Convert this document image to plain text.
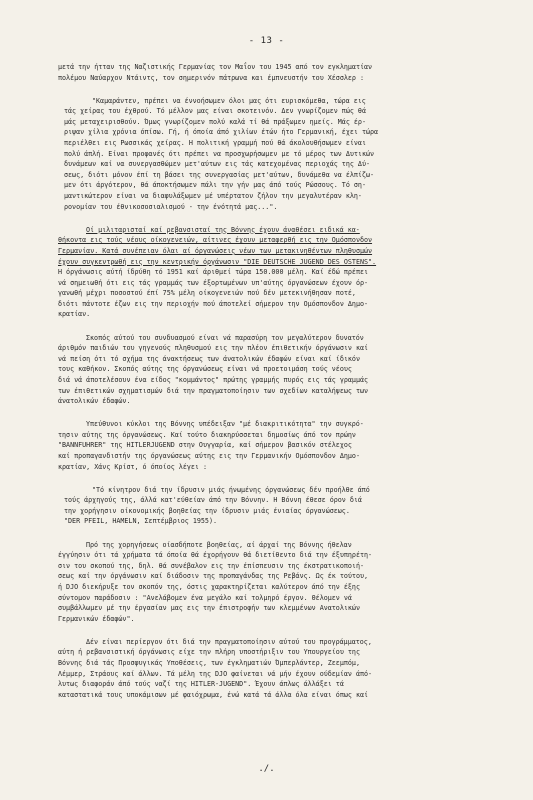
- 13 -

μετά την ήτταν της Ναζιστικής Γερμανίας τον Μαΐον του 1945 από τον εγκληματίαν
πολέμου Ναύαρχον Ντάιντς, τον σημερινόν πάτρωνα και έμπνευστήν του Χέσσλερ :

"Καμαράντεν, πρέπει να έννοήσωμεν όλοι μας ότι ευρισκόμεθα, τώρα εις
τάς χείρας του έχθρού. Τό μέλλον μας είναι σκοτεινόν. Δεν γνωρίζομεν πώς θά
μάς μεταχειρισθούν. Όμως γνωρίζομεν πολύ καλά τί θά πράξωμεν ημείς. Μάς έρ-
ριψαν χίλια χρόνια όπίσω. Γή, ή όποία άπό χιλίων έτών ήτο Γερμανική, έχει τώρα
περιέλθει εις Ρωσσικάς χείρας. Η πολιτική γραμμή πού θά άκολουθήσωμεν είναι
πολύ άπλή. Είναι προφανές ότι πρέπει να προσχωρήσωμεν με τό μέρος των Δυτικών
δυνάμεων καί να συνεργασθώμεν μετ'αύτων εις τάς κατεχομένας περιοχάς της Δύ-
σεως, διότι μόνον έπί τη βάσει της συνεργασίας μετ'αύτων, δυνάμεθα να έλπίζω-
μεν ότι άργότερον, θά άποκτήσωμεν πάλι την γήν μας άπό τούς Ρώσσους. Τό ση-
μαντικώτερον είναι να διαφυλάξωμεν μέ υπέρτατον ζήλον την μεγαλυτέραν κλη-
ρονομίαν του έθνικοσοσιαλισμού - την ένότητά μας...".

Οί μιλιταρισταί καί ρεβανσισταί της Βόννης έχουν άναθέσει ειδικά κα-
θήκοντα εις τούς νέους οίκογενειών, αίτινες έχουν μεταφερθή εις την Ομόσπονδον

Γερμανίαν. Κατά συνέπειαν όλαι αί όργανώσεις νέων των μετακινηθέντων πληθυσμών
έχουν συγκεντρωθή εις την κεντρικήν όργάνωσιν "DIE DEUTSCHE JUGEND DES OSTENS".

Η όργάνωσις αύτή ίδρύθη τό 1951 καί άριθμεί τώρα 150.000 μέλη. Καί έδώ πρέπει
νά σημειωθή ότι εις τάς γραμμάς των έξορτωμένων υπ'αύτης όργανώσεων έχουν όρ-
γανωθή μέχρι ποσοστού έπί 75% μέλη οίκογενειών πού δέν μετεκινήθησαν ποτέ,
διότι πάντοτε έζων εις την περιοχήν πού άποτελεί σήμερον την Ομόσπονδον Δημο-
κρατίαν.

Σκοπός αύτού του συνδυασμού είναι νά παρασύρη τον μεγαλύτερον δυνατόν
άριθμόν παιδιών του γηγενούς πληθυσμού εις την πλέον έπιθετικήν όργάνωσιν καί
νά πείση ότι τό σχήμα της άνακτήσεως των άνατολικών έδαφών είναι καί ίδικόν
τους καθήκον. Σκοπός αύτης της όργανώσεως είναι νά προετοιμάση τούς νέους
διά νά άποτελέσουν ένα είδος "κομμάντος" πρώτης γραμμής πυρός εις τάς γραμμάς
των έπιθετικών σχηματισμών διά την πραγματοποίησιν των σχεδίων καταλήψεως των
άνατολικών έδαφών.

Υπεύθυνοι κύκλοι της Βόννης υπέδειξαν "μέ διακριτικότητα" την συγκρό-
τησιν αύτης της όργανώσεως. Καί τούτο διακηρύσσεται δημοσίως άπό τον πρώην
"BANNFUHRER" της HITLERJUGEND στην Ουγγαρία, καί σήμερον βασικόν στέλεχος
καί προπαγανδιστήν της όργανώσεως αύτης εις την Γερμανικήν Ομόσπονδον Δημο-
κρατίαν, Χάνς Κρίστ, ό όποίος λέγει :

"Τό κίνητρον διά την ίδρυσιν μιάς ήνωμένης όργανώσεως δέν προήλθε άπό
τούς άρχηγούς της, άλλά κατ'εύθείαν άπό την Βόννην. Η Βόννη έθεσε όρον διά
την χορήγησιν οίκονομικής βοηθείας την ίδρυσιν μιάς ένιαίας όργανώσεως.
"DER PFEIL, HAMELN, Σεπτέμβριος 1955).

Πρό της χορηγήσεως οίασδήποτε βοηθείας, αί άρχαί της Βόννης ήθελαν
έγγύησιν ότι τά χρήματα τά όποία θά έχορήγουν θά διετίθεντο διά την έξυπηρέτη-
σιν του σκοπού της, δηλ. θά συνέβαλον εις την έπίσπευσιν της έκστρατικοποιή-
σεως καί την όργάνωσιν καί διάδοσιν της προπαγάνδας της Ρεβάνς. Ως έκ τούτου,
ή DJO διεκήρυξε τον σκοπόν της, όστις χαρακτηρίζεται καλύτερον άπό την έξης
σύντομον παράδοσιν : "Ανελάβομεν ένα μεγάλο καί τολμηρό έργον. Θέλομεν νά
συμβάλλωμεν μέ την έργασίαν μας εις την έπιστροφήν των κλεμμένων Ανατολικών
Γερμανικών έδαφών".

Δέν είναι περίεργον ότι διά την πραγματοποίησιν αύτού του προγράμματος,
αύτη ή ρεβανσιστική όργάνωσις είχε την πλήρη υποστήριξιν του Υπουργείου της
Βόννης διά τάς Προσφυγικάς Υποθέσεις, των έγκληματιών Όμπερλάντερ, Ζεεμπόμ,
Λέμμερ, Στράους καί άλλων. Τά μέλη της DJO φαίνεται νά μήν έχουν ούδεμίαν άπό-
λυτως διαφοράν άπό τούς ναζί της HITLER-JUGEND". Έχουν άπλως άλλάξει τά
καταστατικά τους υποκάμισων μέ φαιόχρωμα, ένώ κατά τά άλλα όλα είναι όπως καί

./.
